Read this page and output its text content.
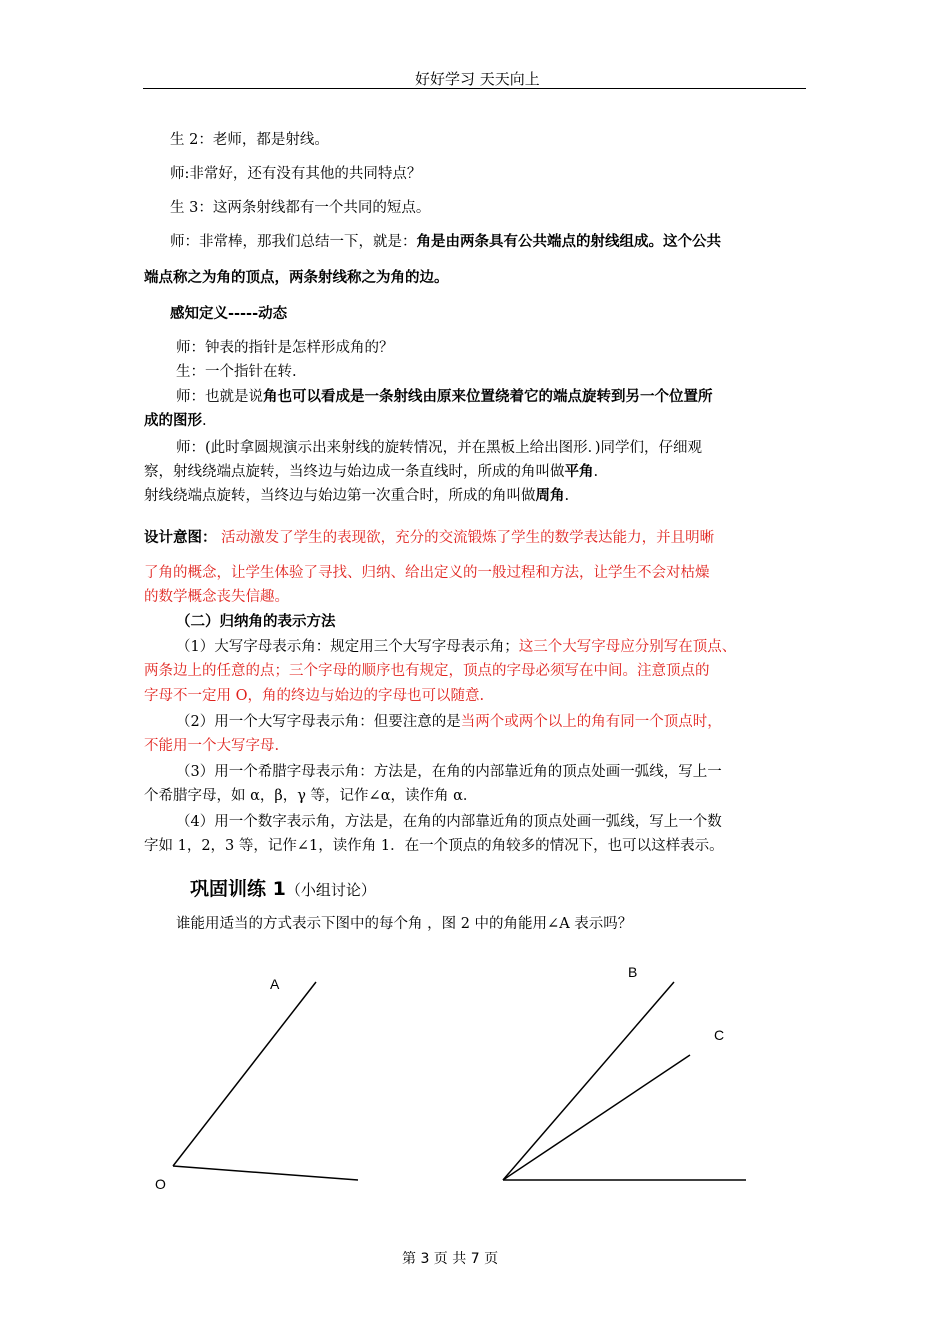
好好学习 天天向上
生 2：老师，都是射线。
师:非常好，还有没有其他的共同特点？
生 3：这两条射线都有一个共同的短点。
师：非常棒，那我们总结一下，就是：角是由两条具有公共端点的射线组成。这个公共
端点称之为角的顶点，两条射线称之为角的边。
感知定义-----动态
师：钟表的指针是怎样形成角的？
生：一个指针在转.
师：也就是说角也可以看成是一条射线由原来位置绕着它的端点旋转到另一个位置所
成的图形.
师：(此时拿圆规演示出来射线的旋转情况，并在黑板上给出图形．)同学们，仔细观
察，射线绕端点旋转，当终边与始边成一条直线时，所成的角叫做平角.
射线绕端点旋转，当终边与始边第一次重合时，所成的角叫做周角.
设计意图： 活动激发了学生的表现欲，充分的交流锻炼了学生的数学表达能力，并且明晰
了角的概念，让学生体验了寻找、归纳、给出定义的一般过程和方法，让学生不会对枯燥
的数学概念丧失信趣。
（二）归纳角的表示方法
（1）大写字母表示角：规定用三个大写字母表示角；这三个大写字母应分别写在顶点、
两条边上的任意的点；三个字母的顺序也有规定，顶点的字母必须写在中间。注意顶点的
字母不一定用 O，角的终边与始边的字母也可以随意.
（2）用一个大写字母表示角：但要注意的是当两个或两个以上的角有同一个顶点时，
不能用一个大写字母.
（3）用一个希腊字母表示角：方法是，在角的内部靠近角的顶点处画一弧线，写上一
个希腊字母，如 α，β，γ 等，记作∠α，读作角 α．
（4）用一个数字表示角，方法是，在角的内部靠近角的顶点处画一弧线，写上一个数
字如 1，2，3 等，记作∠1，读作角 1．在一个顶点的角较多的情况下，也可以这样表示。
巩固训练 1（小组讨论）
谁能用适当的方式表示下图中的每个角 ，图 2 中的角能用∠A 表示吗？
A
O
B
C
第 3 页 共 7 页
